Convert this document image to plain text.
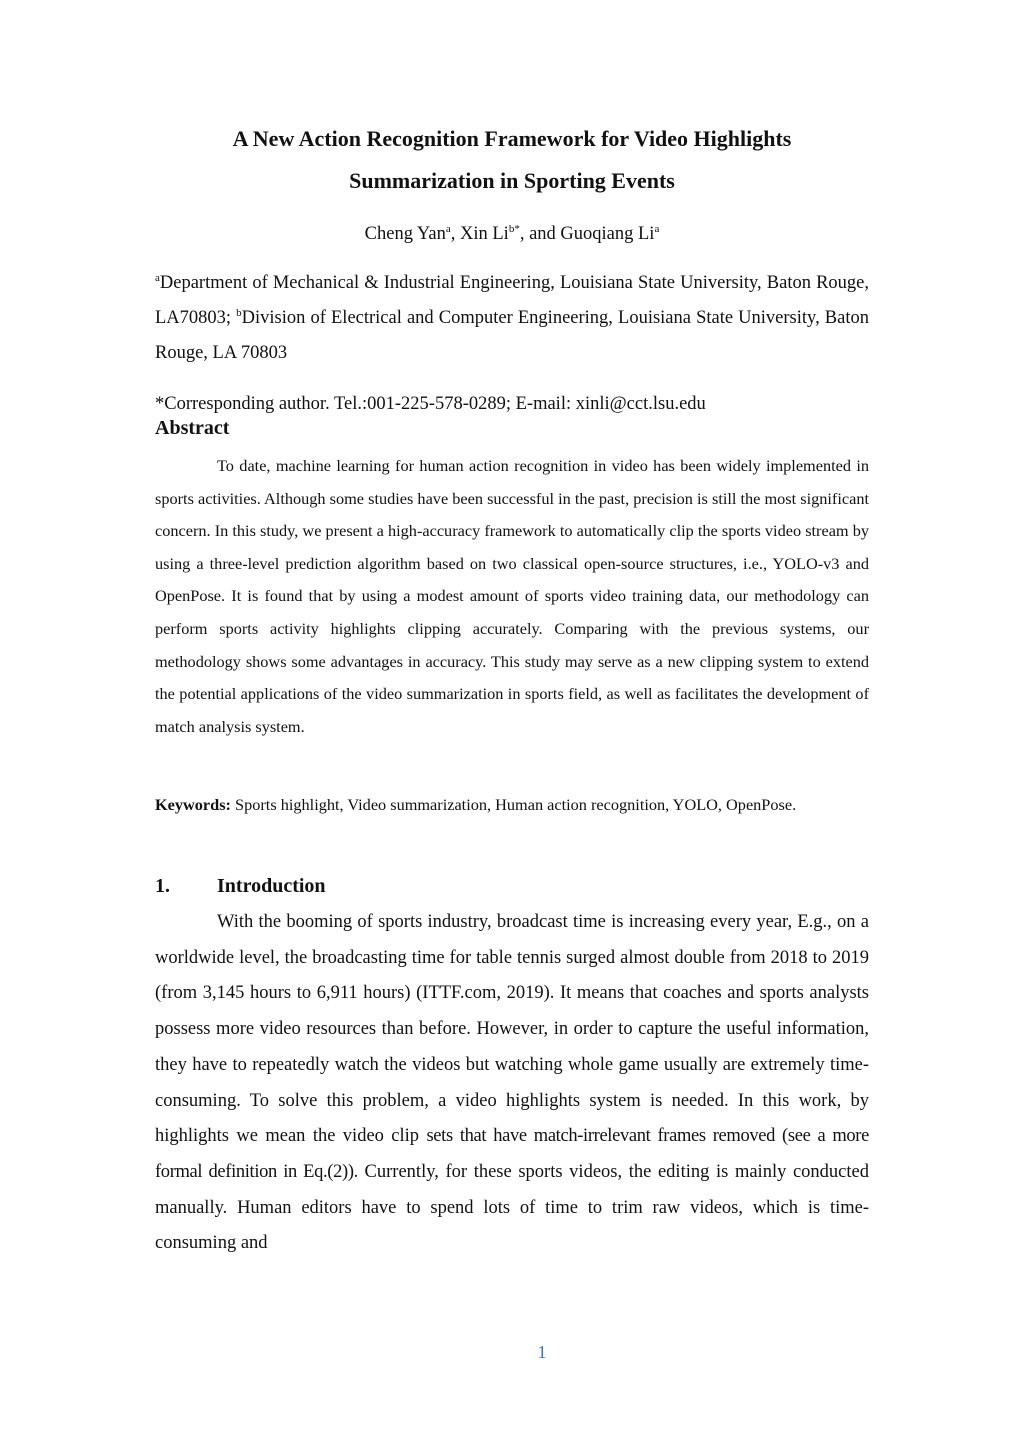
A New Action Recognition Framework for Video Highlights
Summarization in Sporting Events
Cheng Yan$^a$, Xin $Li^{b*}$, and Guoqiang Li$^a$
$^a$Department of Mechanical & Industrial Engineering, Louisiana State University, Baton Rouge, LA70803; $^b$Division of Electrical and Computer Engineering, Louisiana State University, Baton Rouge, LA 70803
*Corresponding author. Tel.:001-225-578-0289; E-mail: xinli@cct.lsu.edu
Abstract

To date, machine learning for human action recognition in video has been widely implemented in sports activities. Although some studies have been successful in the past, precision is still the most significant concern. In this study, we present a high-accuracy framework to automatically clip the sports video stream by using a three-level prediction algorithm based on two classical open-source structures, i.e., YOLO-v3 and OpenPose. It is found that by using a modest amount of sports video training data, our methodology can perform sports activity highlights clipping accurately. Comparing with the previous systems, our methodology shows some advantages in accuracy. This study may serve as a new clipping system to extend the potential applications of the video summarization in sports field, as well as facilitates the development of match analysis system.

Keywords: Sports highlight, Video summarization, Human action recognition, YOLO, OpenPose.

1. Introduction

With the booming of sports industry, broadcast time is increasing every year, E.g., on a worldwide level, the broadcasting time for table tennis surged almost double from 2018 to 2019 (from 3,145 hours to 6,911 hours) (ITTF.com, 2019). It means that coaches and sports analysts possess more video resources than before. However, in order to capture the useful information, they have to repeatedly watch the videos but watching whole game usually are extremely time-consuming. To solve this problem, a video highlights system is needed. In this work, by highlights we mean the video clip sets that have match-irrelevant frames removed (see a more formal definition in Eq.(2)). Currently, for these sports videos, the editing is mainly conducted manually. Human editors have to spend lots of time to trim raw videos, which is time-consuming and

1
